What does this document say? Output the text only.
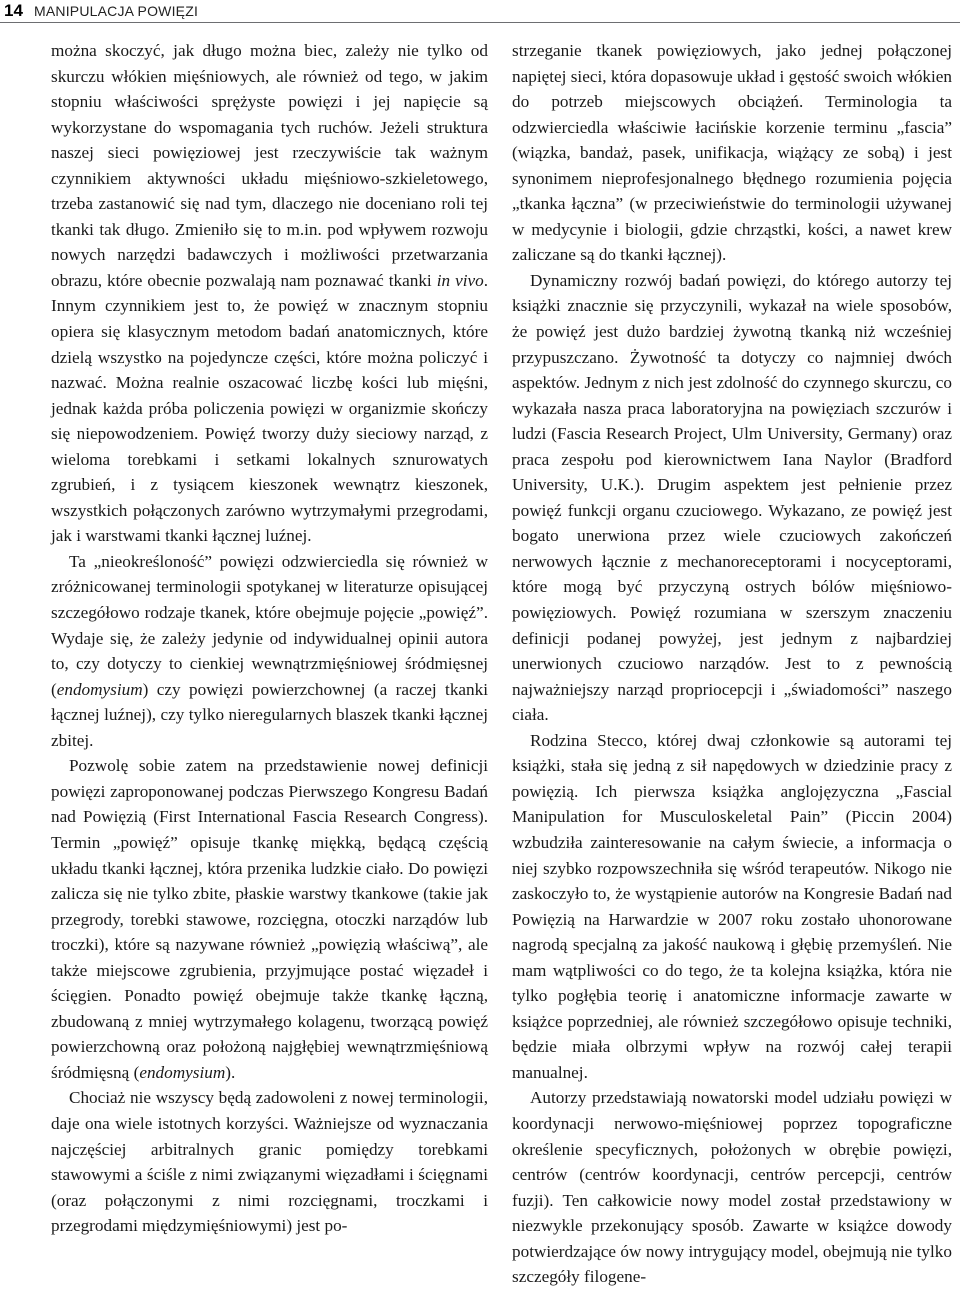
14 MANIPULACJA POWIĘZI

można skoczyć, jak długo można biec, zależy nie tylko od skurczu włókien mięśniowych, ale również od tego, w jakim stopniu właściwości sprężyste powięzi i jej napięcie są wykorzystane do wspomagania tych ruchów. Jeżeli struktura naszej sieci powięziowej jest rzeczywiście tak ważnym czynnikiem aktywności układu mięśniowo-szkieletowego, trzeba zastanowić się nad tym, dlaczego nie doceniano roli tej tkanki tak długo. Zmieniło się to m.in. pod wpływem rozwoju nowych narzędzi badawczych i możliwości przetwarzania obrazu, które obecnie pozwalają nam poznawać tkanki in vivo. Innym czynnikiem jest to, że powięź w znacznym stopniu opiera się klasycznym metodom badań anatomicznych, które dzielą wszystko na pojedyncze części, które można policzyć i nazwać. Można realnie oszacować liczbę kości lub mięśni, jednak każda próba policzenia powięzi w organizmie skończy się niepowodzeniem. Powięź tworzy duży sieciowy narząd, z wieloma torebkami i setkami lokalnych sznurowatych zgrubień, i z tysiącem kieszonek wewnątrz kieszonek, wszystkich połączonych zarówno wytrzymałymi przegrodami, jak i warstwami tkanki łącznej luźnej.

Ta „nieokreśloność” powięzi odzwierciedla się również w zróżnicowanej terminologii spotykanej w literaturze opisującej szczegółowo rodzaje tkanek, które obejmuje pojęcie „powięź”. Wydaje się, że zależy jedynie od indywidualnej opinii autora to, czy dotyczy to cienkiej wewnątrzmięśniowej śródmięsnej (endomysium) czy powięzi powierzchownej (a raczej tkanki łącznej luźnej), czy tylko nieregularnych blaszek tkanki łącznej zbitej.

Pozwolę sobie zatem na przedstawienie nowej definicji powięzi zaproponowanej podczas Pierwszego Kongresu Badań nad Powięzią (First International Fascia Research Congress). Termin „powięź” opisuje tkankę miękką, będącą częścią układu tkanki łącznej, która przenika ludzkie ciało. Do powięzi zalicza się nie tylko zbite, płaskie warstwy tkankowe (takie jak przegrody, torebki stawowe, rozcięgna, otoczki narządów lub troczki), które są nazywane również „powięzią właściwą”, ale także miejscowe zgrubienia, przyjmujące postać więzadeł i ścięgien. Ponadto powięź obejmuje także tkankę łączną, zbudowaną z mniej wytrzymałego kolagenu, tworzącą powięź powierzchowną oraz położoną najgłębiej wewnątrzmięśniową śródmięsną (endomysium).

Chociaż nie wszyscy będą zadowoleni z nowej terminologii, daje ona wiele istotnych korzyści. Ważniejsze od wyznaczania najczęściej arbitralnych granic pomiędzy torebkami stawowymi a ściśle z nimi związanymi więzadłami i ścięgnami (oraz połączonymi z nimi rozcięgnami, troczkami i przegrodami międzymięśniowymi) jest po-

strzeganie tkanek powięziowych, jako jednej połączonej napiętej sieci, która dopasowuje układ i gęstość swoich włókien do potrzeb miejscowych obciążeń. Terminologia ta odzwierciedla właściwie łacińskie korzenie terminu „fascia” (wiązka, bandaż, pasek, unifikacja, wiążący ze sobą) i jest synonimem nieprofesjonalnego błędnego rozumienia pojęcia „tkanka łączna” (w przeciwieństwie do terminologii używanej w medycynie i biologii, gdzie chrząstki, kości, a nawet krew zaliczane są do tkanki łącznej).

Dynamiczny rozwój badań powięzi, do którego autorzy tej książki znacznie się przyczynili, wykazał na wiele sposobów, że powięź jest dużo bardziej żywotną tkanką niż wcześniej przypuszczano. Żywotność ta dotyczy co najmniej dwóch aspektów. Jednym z nich jest zdolność do czynnego skurczu, co wykazała nasza praca laboratoryjna na powięziach szczurów i ludzi (Fascia Research Project, Ulm University, Germany) oraz praca zespołu pod kierownictwem Iana Naylor (Bradford University, U.K.). Drugim aspektem jest pełnienie przez powięź funkcji organu czuciowego. Wykazano, ze powięź jest bogato unerwiona przez wiele czuciowych zakończeń nerwowych łącznie z mechanoreceptorami i nocyceptorami, które mogą być przyczyną ostrych bólów mięśniowo-powięziowych. Powięź rozumiana w szerszym znaczeniu definicji podanej powyżej, jest jednym z najbardziej unerwionych czuciowo narządów. Jest to z pewnością najważniejszy narząd propriocepcji i „świadomości” naszego ciała.

Rodzina Stecco, której dwaj członkowie są autorami tej książki, stała się jedną z sił napędowych w dziedzinie pracy z powięzią. Ich pierwsza książka anglojęzyczna „Fascial Manipulation for Musculoskeletal Pain” (Piccin 2004) wzbudziła zainteresowanie na całym świecie, a informacja o niej szybko rozpowszechniła się wśród terapeutów. Nikogo nie zaskoczyło to, że wystąpienie autorów na Kongresie Badań nad Powięzią na Harwardzie w 2007 roku zostało uhonorowane nagrodą specjalną za jakość naukową i głębię przemyśleń. Nie mam wątpliwości co do tego, że ta kolejna książka, która nie tylko pogłębia teorię i anatomiczne informacje zawarte w książce poprzedniej, ale również szczegółowo opisuje techniki, będzie miała olbrzymi wpływ na rozwój całej terapii manualnej.

Autorzy przedstawiają nowatorski model udziału powięzi w koordynacji nerwowo-mięśniowej poprzez topograficzne określenie specyficznych, położonych w obrębie powięzi, centrów (centrów koordynacji, centrów percepcji, centrów fuzji). Ten całkowicie nowy model został przedstawiony w niezwykle przekonujący sposób. Zawarte w książce dowody potwierdzające ów nowy intrygujący model, obejmują nie tylko szczegóły filogene-
